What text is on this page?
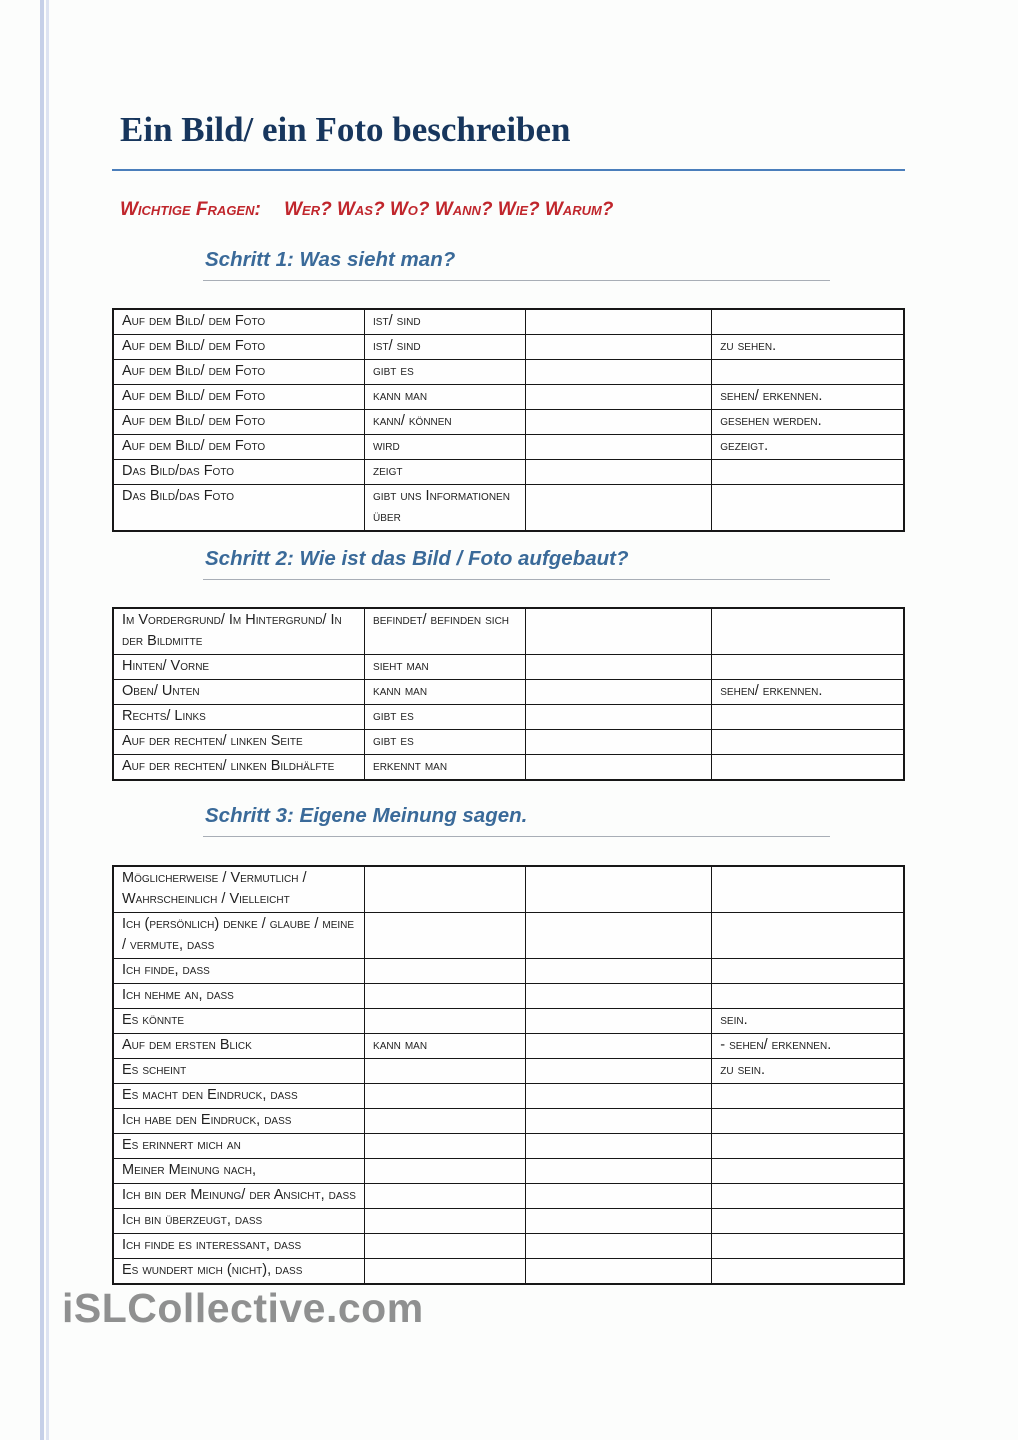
Ein Bild/ ein Foto beschreiben

Wichtige Fragen: Wer? Was? Wo? Wann? Wie? Warum?

Schritt 1: Was sieht man?
Auf dem Bild/ dem Foto	ist/ sind		
Auf dem Bild/ dem Foto	ist/ sind		zu sehen.
Auf dem Bild/ dem Foto	gibt es		
Auf dem Bild/ dem Foto	kann man		sehen/ erkennen.
Auf dem Bild/ dem Foto	kann/ können		gesehen werden.
Auf dem Bild/ dem Foto	wird		gezeigt.
Das Bild/das Foto	zeigt		
Das Bild/das Foto	gibt uns Informationen über		
Schritt 2: Wie ist das Bild / Foto aufgebaut?
Im Vordergrund/ Im Hintergrund/ In der Bildmitte	befindet/ befinden sich		
Hinten/ Vorne	sieht man		
Oben/ Unten	kann man		sehen/ erkennen.
Rechts/ Links	gibt es		
Auf der rechten/ linken Seite	gibt es		
Auf der rechten/ linken Bildhälfte	erkennt man		
Schritt 3: Eigene Meinung sagen.
Möglicherweise / Vermutlich / Wahrscheinlich / Vielleicht			
Ich (persönlich) denke / glaube / meine / vermute, dass			
Ich finde, dass			
Ich nehme an, dass			
Es könnte			sein.
Auf dem ersten Blick	kann man		- sehen/ erkennen.
Es scheint			zu sein.
Es macht den Eindruck, dass			
Ich habe den Eindruck, dass			
Es erinnert mich an			
Meiner Meinung nach,			
Ich bin der Meinung/ der Ansicht, dass			
Ich bin überzeugt, dass			
Ich finde es interessant, dass			
Es wundert mich (nicht), dass			
iSLCollective.com
